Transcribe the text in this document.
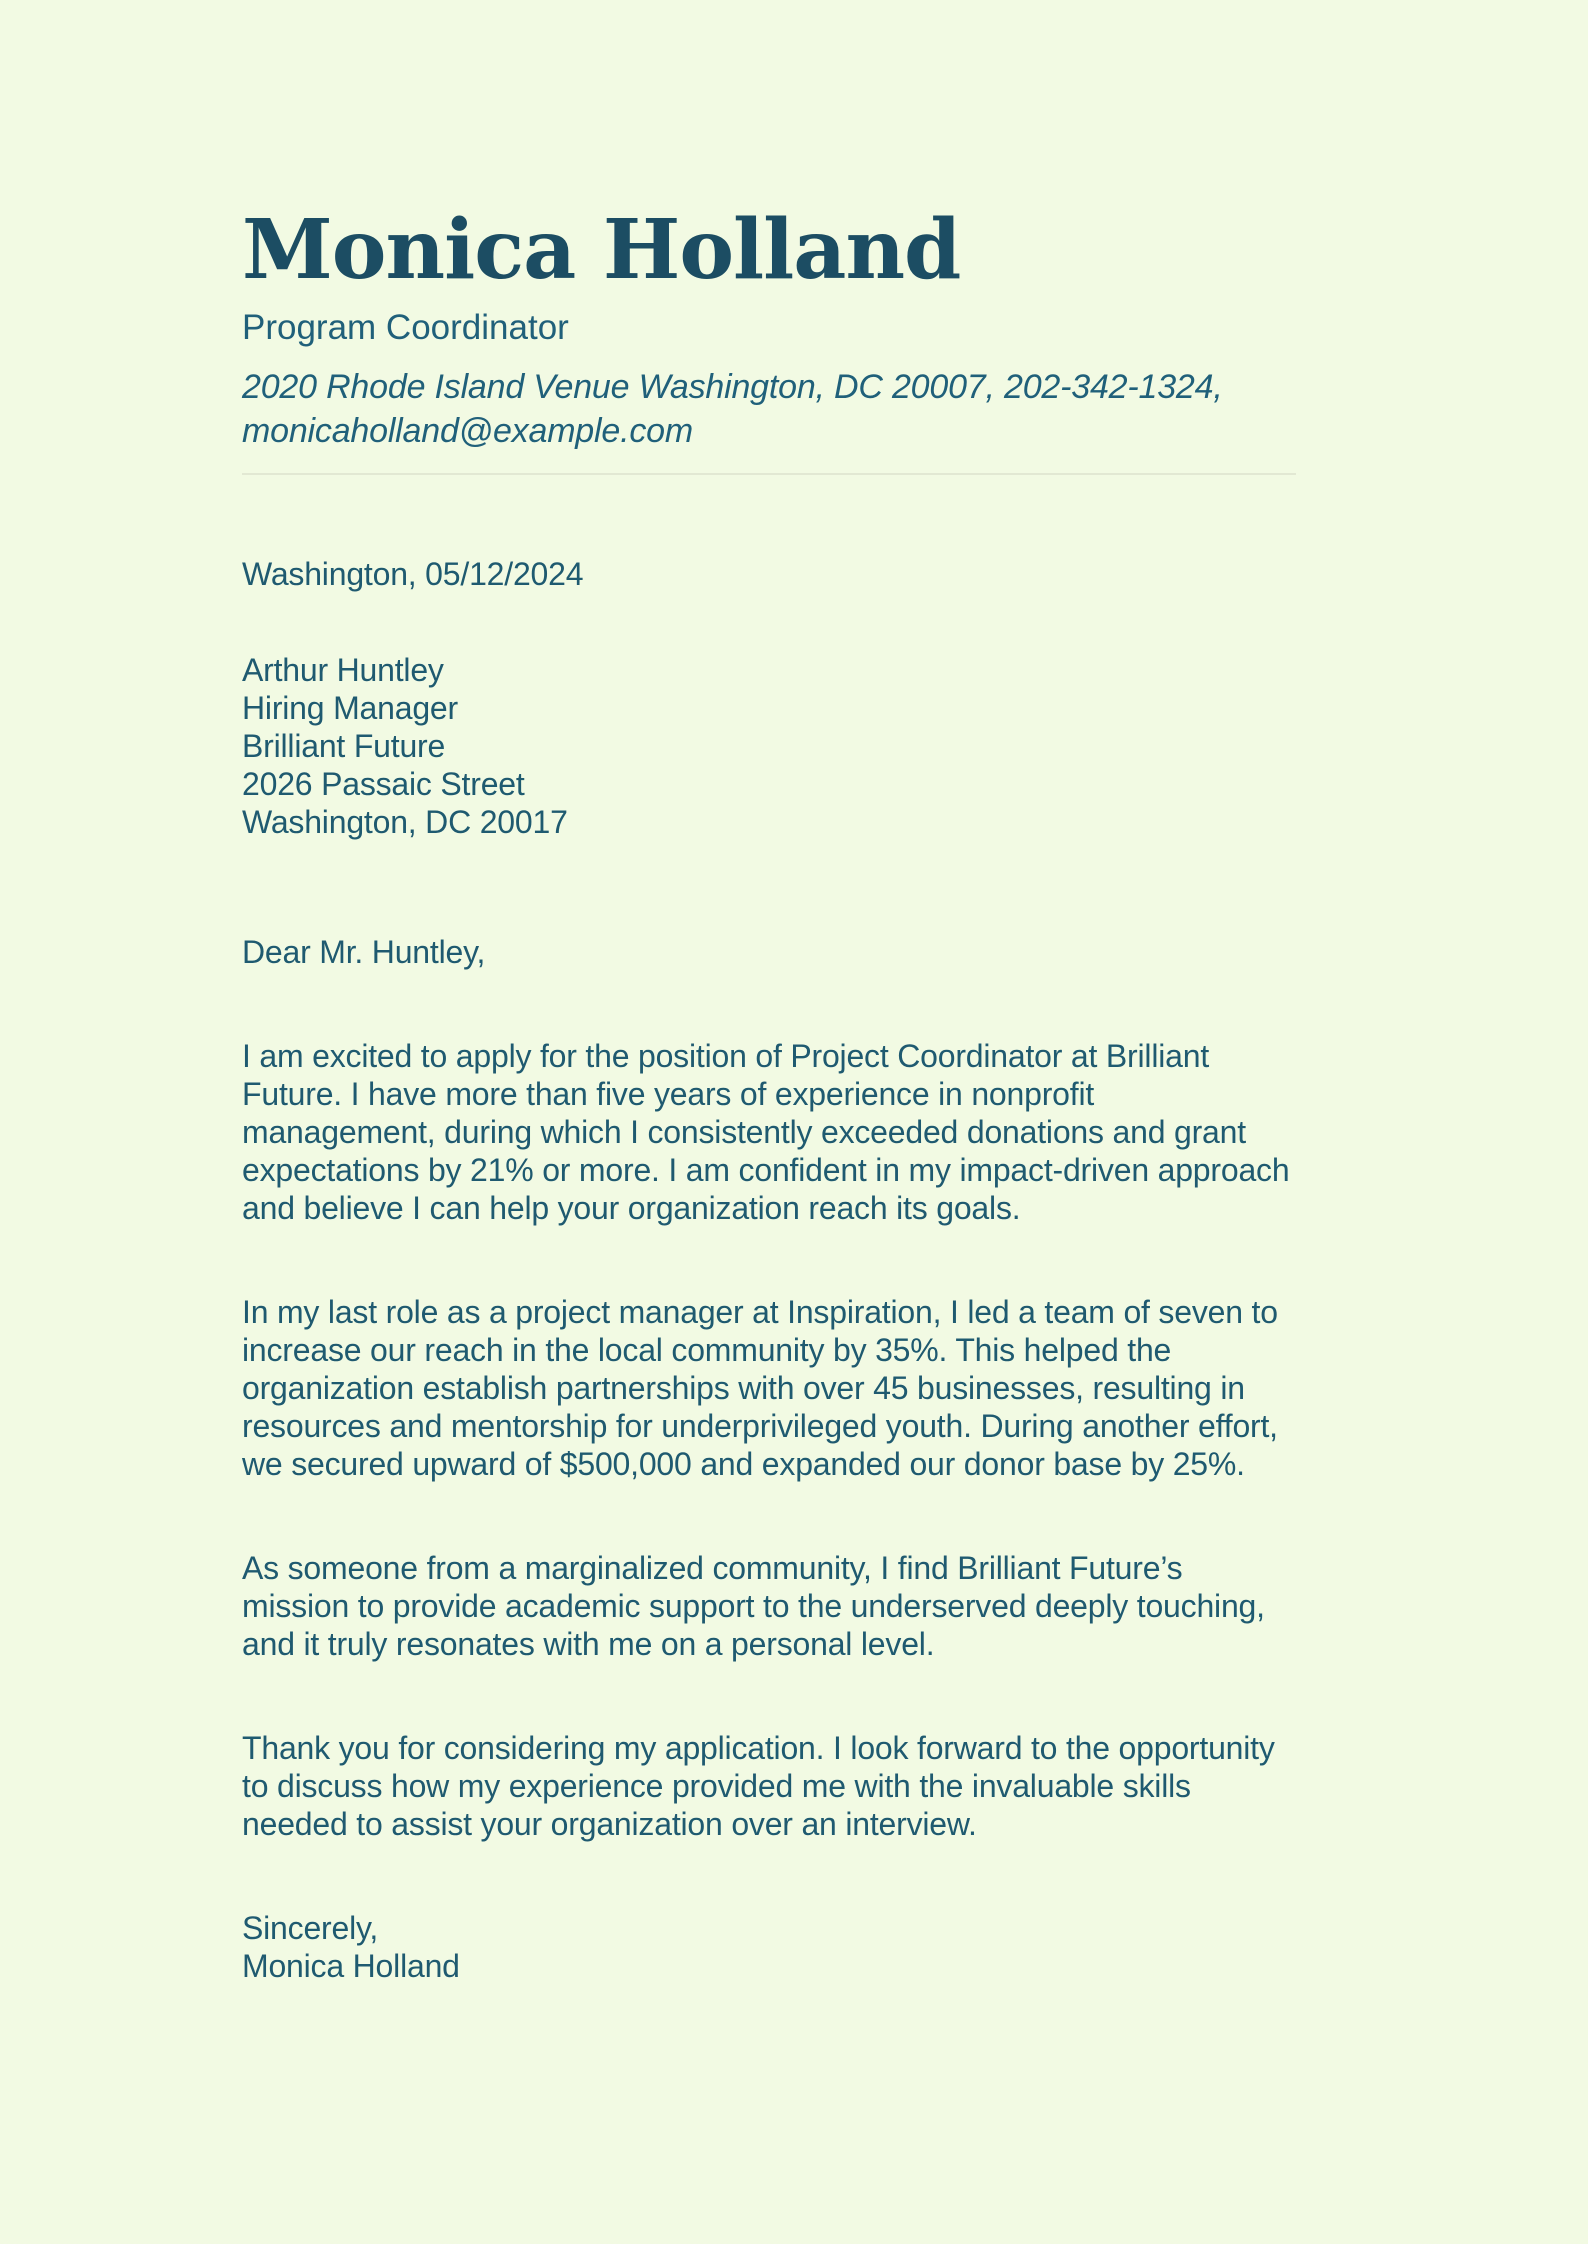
Monica Holland
Program Coordinator
2020 Rhode Island Venue Washington, DC 20007, 202-342-1324, monicaholland@example.com
Washington, 05/12/2024
Arthur Huntley
Hiring Manager
Brilliant Future
2026 Passaic Street
Washington, DC 20017
Dear Mr. Huntley,

I am excited to apply for the position of Project Coordinator at Brilliant Future. I have more than five years of experience in nonprofit management, during which I consistently exceeded donations and grant expectations by 21% or more. I am confident in my impact-driven approach and believe I can help your organization reach its goals.

In my last role as a project manager at Inspiration, I led a team of seven to increase our reach in the local community by 35%. This helped the organization establish partnerships with over 45 businesses, resulting in resources and mentorship for underprivileged youth. During another effort, we secured upward of $500,000 and expanded our donor base by 25%.

As someone from a marginalized community, I find Brilliant Future’s mission to provide academic support to the underserved deeply touching, and it truly resonates with me on a personal level.

Thank you for considering my application. I look forward to the opportunity to discuss how my experience provided me with the invaluable skills needed to assist your organization over an interview.

Sincerely,
Monica Holland
